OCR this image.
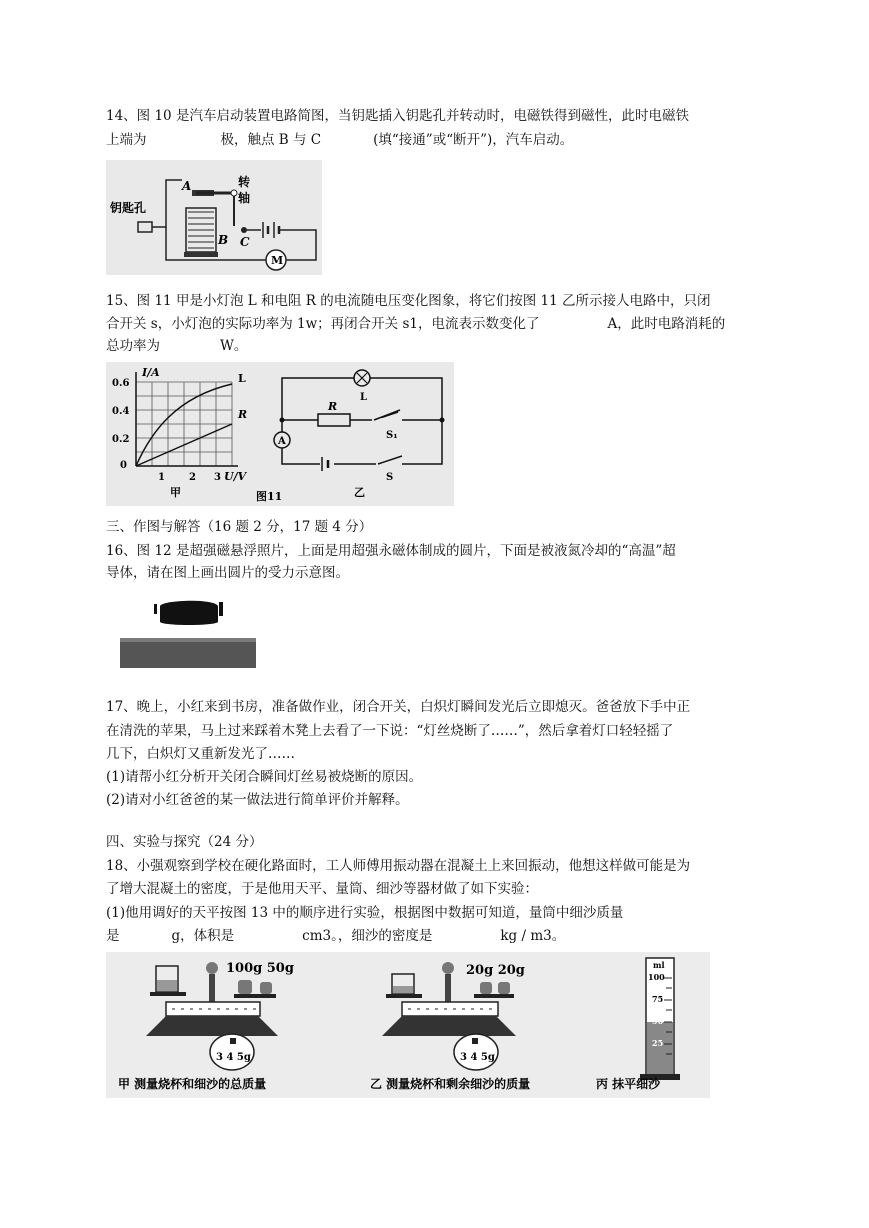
14、图 10 是汽车启动装置电路简图，当钥匙插入钥匙孔并转动时，电磁铁得到磁性，此时电磁铁
上端为	极，触点 B 与 C	(填“接通”或“断开”)，汽车启动。
钥匙孔
A	转
轴
B C
M
15、图 11 甲是小灯泡 L 和电阻 R 的电流随电压变化图象，将它们按图 11 乙所示接人电路中，只闭
合开关 s，小灯泡的实际功率为 1w；再闭合开关 s1，电流表示数变化了	A，此时电路消耗的
总功率为	W。
I/A
0.6
0.4
0.2
0
1 2 3 U/V
L
R
甲	图11
L
R
S₁
A
S
乙
三、作图与解答（16 题 2 分，17 题 4 分）
16、图 12 是超强磁悬浮照片，上面是用超强永磁体制成的圆片，下面是被液氮冷却的“高温”超
导体，请在图上画出圆片的受力示意图。
17、晚上，小红来到书房，准备做作业，闭合开关，白炽灯瞬间发光后立即熄灭。爸爸放下手中正
在清洗的苹果，马上过来踩着木凳上去看了一下说：“灯丝烧断了……”，然后拿着灯口轻轻摇了
几下，白炽灯又重新发光了……
(1)请帮小红分析开关闭合瞬间灯丝易被烧断的原因。
(2)请对小红爸爸的某一做法进行简单评价并解释。
四、实验与探究（24 分）
18、小强观察到学校在硬化路面时，工人师傅用振动器在混凝土上来回振动，他想这样做可能是为
了增大混凝土的密度，于是他用天平、量筒、细沙等器材做了如下实验：
(1)他用调好的天平按图 13 中的顺序进行实验，根据图中数据可知道，量筒中细沙质量
是	g，体积是	cm3。，细沙的密度是	kg / m3。
100g 50g
3 4 5g
甲 测量烧杯和细沙的总质量
20g 20g
3 4 5g
乙 测量烧杯和剩余细沙的质量
ml
100
75
50
25
丙 抹平细沙
